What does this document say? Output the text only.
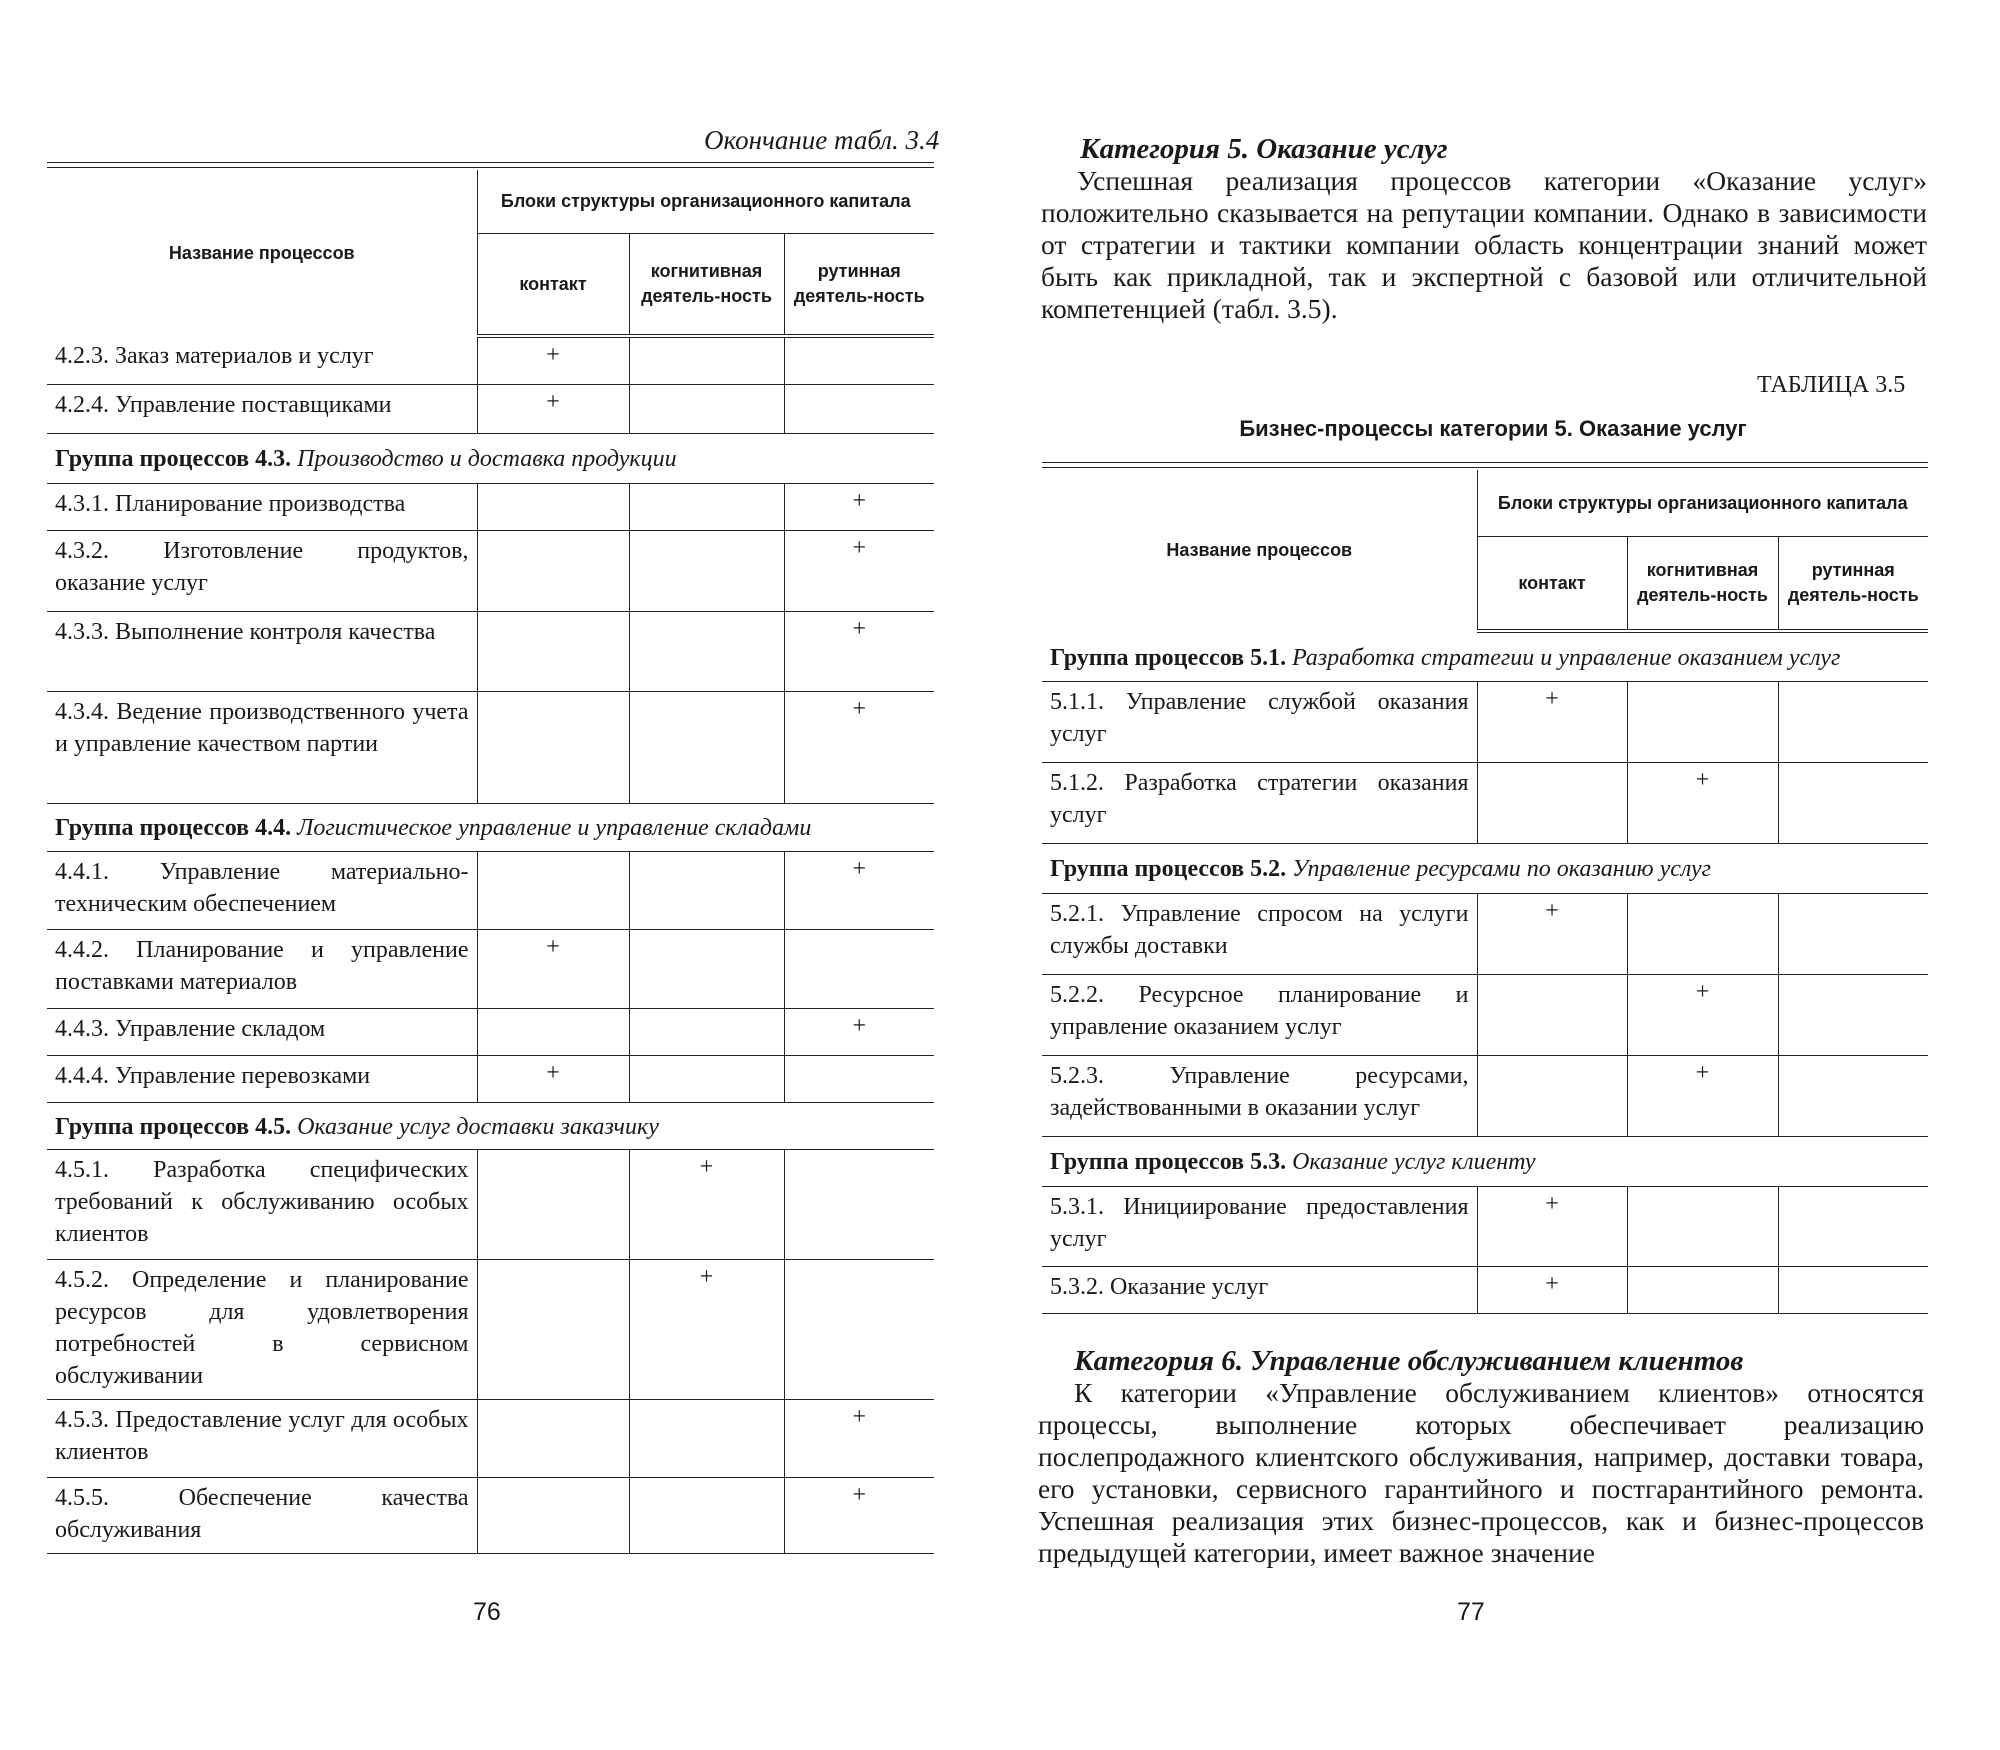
Окончание табл. 3.4
Название процессов	Блоки структуры организационного капитала		
	контакт	когнитивная деятель-ность	рутинная деятель-ность
4.2.3. Заказ материалов и услуг	+		
4.2.4. Управление поставщиками	+		
Группа процессов 4.3. Производство и доставка продукции			
4.3.1. Планирование производства			+
4.3.2. Изготовление продуктов, оказание услуг			+
4.3.3. Выполнение контроля качества			+
4.3.4. Ведение производственного учета и управление качеством партии			+
Группа процессов 4.4. Логистическое управление и управление складами			
4.4.1. Управление материально-техническим обеспечением			+
4.4.2. Планирование и управление поставками материалов	+		
4.4.3. Управление складом			+
4.4.4. Управление перевозками	+		
Группа процессов 4.5. Оказание услуг доставки заказчику			
4.5.1. Разработка специфических требований к обслуживанию особых клиентов		+	
4.5.2. Определение и планирование ресурсов для удовлетворения потребностей в сервисном обслуживании		+	
4.5.3. Предоставление услуг для особых клиентов			+
4.5.5. Обеспечение качества обслуживания			+
76
Категория 5. Оказание услуг

Успешная реализация процессов категории «Оказание услуг» положительно сказывается на репутации компании. Однако в зависимости от стратегии и тактики компании область концентрации знаний может быть как прикладной, так и экспертной с базовой или отличительной компетенцией (табл. 3.5).

ТАБЛИЦА 3.5
Бизнес-процессы категории 5. Оказание услуг
Название процессов	Блоки структуры организационного капитала		
	контакт	когнитивная деятель-ность	рутинная деятель-ность
Группа процессов 5.1. Разработка стратегии и управление оказанием услуг			
5.1.1. Управление службой оказания услуг	+		
5.1.2. Разработка стратегии оказания услуг		+	
Группа процессов 5.2. Управление ресурсами по оказанию услуг			
5.2.1. Управление спросом на услуги службы доставки	+		
5.2.2. Ресурсное планирование и управление оказанием услуг		+	
5.2.3. Управление ресурсами, задействованными в оказании услуг		+	
Группа процессов 5.3. Оказание услуг клиенту			
5.3.1. Инициирование предоставления услуг	+		
5.3.2. Оказание услуг	+		
Категория 6. Управление обслуживанием клиентов

К категории «Управление обслуживанием клиентов» относятся процессы, выполнение которых обеспечивает реализацию послепродажного клиентского обслуживания, например, доставки товара, его установки, сервисного гарантийного и постгарантийного ремонта. Успешная реализация этих бизнес-процессов, как и бизнес-процессов предыдущей категории, имеет важное значение

77
